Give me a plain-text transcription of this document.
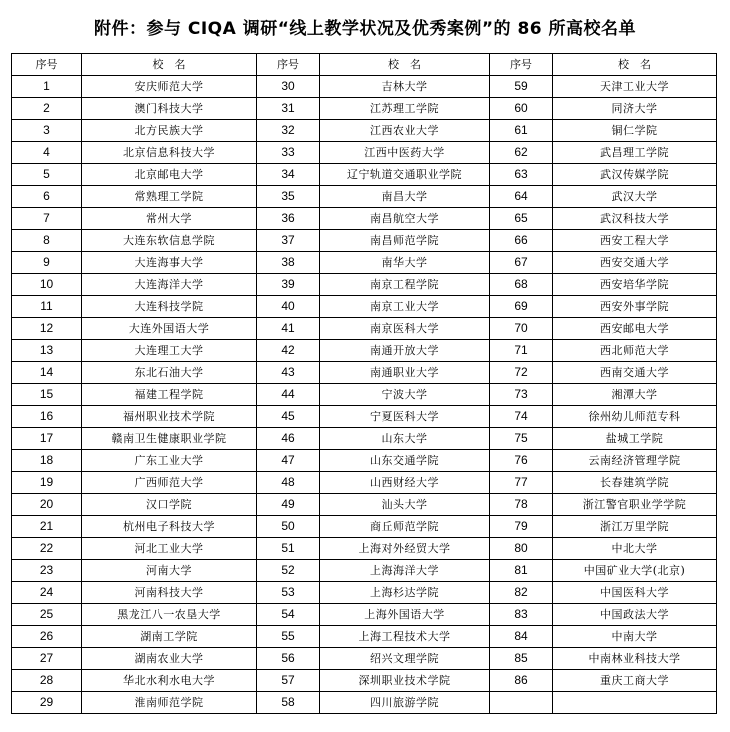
附件：参与 CIQA 调研“线上教学状况及优秀案例”的 86 所高校名单
序号	校　名	序号	校　名	序号	校　名
1	安庆师范大学	30	吉林大学	59	天津工业大学
2	澳门科技大学	31	江苏理工学院	60	同济大学
3	北方民族大学	32	江西农业大学	61	铜仁学院
4	北京信息科技大学	33	江西中医药大学	62	武昌理工学院
5	北京邮电大学	34	辽宁轨道交通职业学院	63	武汉传媒学院
6	常熟理工学院	35	南昌大学	64	武汉大学
7	常州大学	36	南昌航空大学	65	武汉科技大学
8	大连东软信息学院	37	南昌师范学院	66	西安工程大学
9	大连海事大学	38	南华大学	67	西安交通大学
10	大连海洋大学	39	南京工程学院	68	西安培华学院
11	大连科技学院	40	南京工业大学	69	西安外事学院
12	大连外国语大学	41	南京医科大学	70	西安邮电大学
13	大连理工大学	42	南通开放大学	71	西北师范大学
14	东北石油大学	43	南通职业大学	72	西南交通大学
15	福建工程学院	44	宁波大学	73	湘潭大学
16	福州职业技术学院	45	宁夏医科大学	74	徐州幼儿师范专科
17	赣南卫生健康职业学院	46	山东大学	75	盐城工学院
18	广东工业大学	47	山东交通学院	76	云南经济管理学院
19	广西师范大学	48	山西财经大学	77	长春建筑学院
20	汉口学院	49	汕头大学	78	浙江警官职业学学院
21	杭州电子科技大学	50	商丘师范学院	79	浙江万里学院
22	河北工业大学	51	上海对外经贸大学	80	中北大学
23	河南大学	52	上海海洋大学	81	中国矿业大学(北京)
24	河南科技大学	53	上海杉达学院	82	中国医科大学
25	黑龙江八一农垦大学	54	上海外国语大学	83	中国政法大学
26	湖南工学院	55	上海工程技术大学	84	中南大学
27	湖南农业大学	56	绍兴文理学院	85	中南林业科技大学
28	华北水利水电大学	57	深圳职业技术学院	86	重庆工商大学
29	淮南师范学院	58	四川旅游学院		
